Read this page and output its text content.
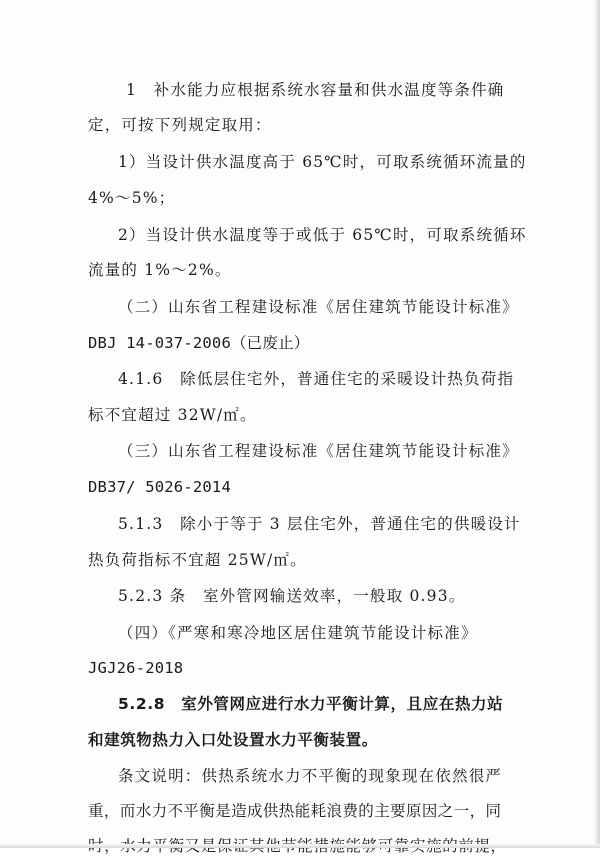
1　补水能力应根据系统水容量和供水温度等条件确

定，可按下列规定取用：

1）当设计供水温度高于 65℃时，可取系统循环流量的

4%～5%；

2）当设计供水温度等于或低于 65℃时，可取系统循环

流量的 1%～2%。

（二）山东省工程建设标准《居住建筑节能设计标准》

DBJ 14-037-2006（已废止）

4.1.6　除低层住宅外，普通住宅的采暖设计热负荷指

标不宜超过 32W/㎡。

（三）山东省工程建设标准《居住建筑节能设计标准》

DB37/ 5026-2014

5.1.3　除小于等于 3 层住宅外，普通住宅的供暖设计

热负荷指标不宜超 25W/㎡。

5.2.3 条　室外管网输送效率，一般取 0.93。

（四）《严寒和寒冷地区居住建筑节能设计标准》

JGJ26-2018

5.2.8　室外管网应进行水力平衡计算，且应在热力站

和建筑物热力入口处设置水力平衡装置。

条文说明：供热系统水力不平衡的现象现在依然很严

重，而水力不平衡是造成供热能耗浪费的主要原因之一，同
